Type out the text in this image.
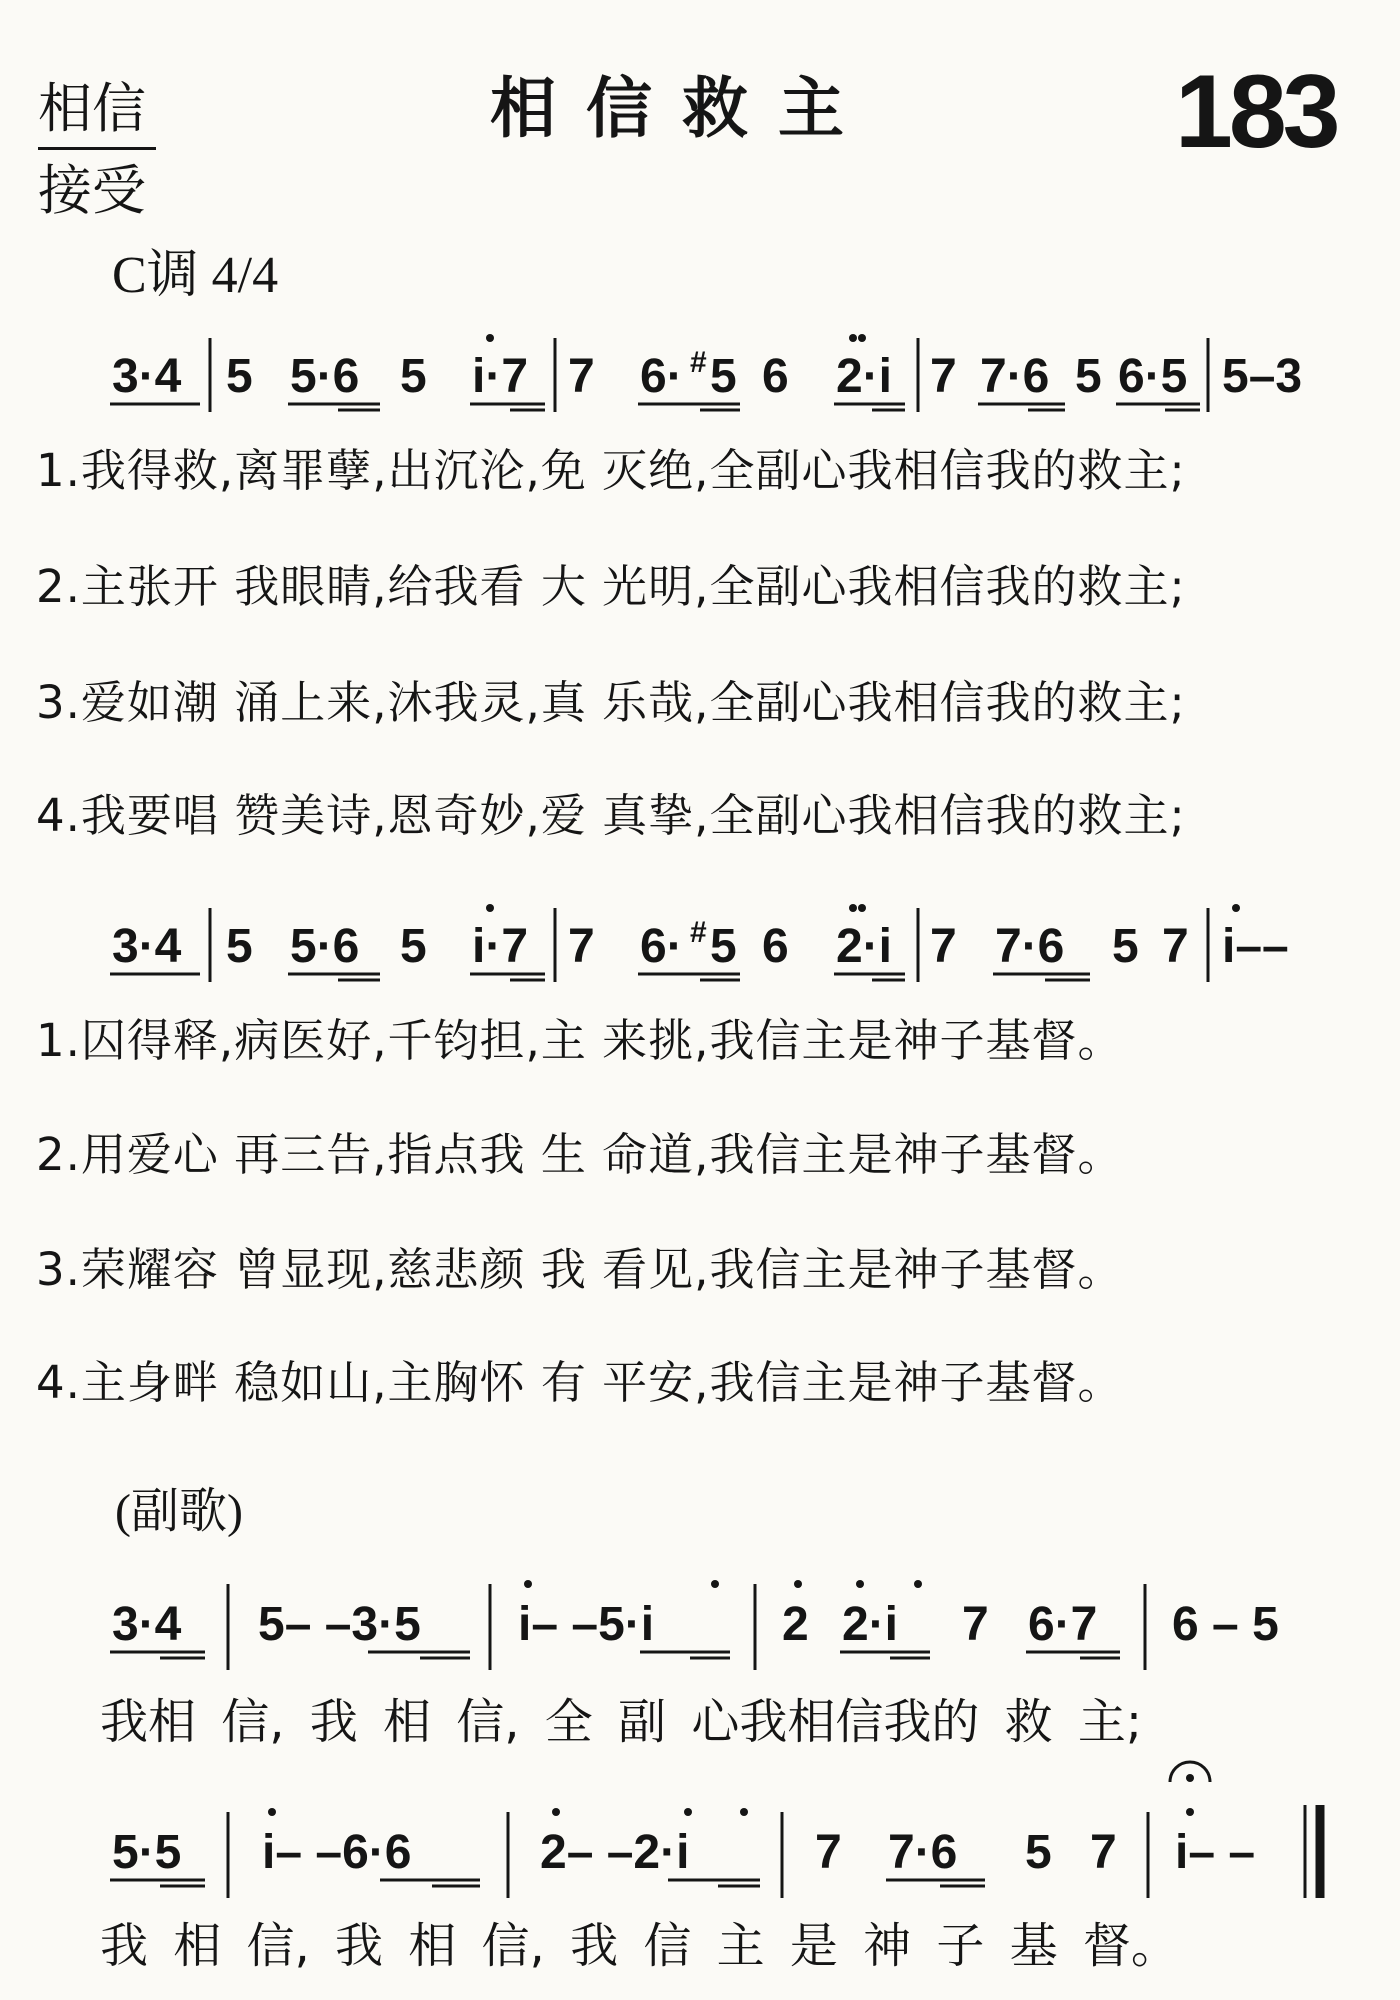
相信
接受
相信救主	183
C调 4/4
3·4 5 5·6 5 i·7 7 6· # 5 6 2·i 7 7·6 5 6·5 5–3
3·4 5 5·6 5 i·7 7 6· # 5 6 2·i 7 7·6 5 7 i––
3·4 5– –3·5 i– –5·i	2 2·i 7 6·7 6 – 5
5·5 i– –6·6	2– –2·i	7 7·6 5 7 i– –
1.我得救,离罪孽,出沉沦,免 灭绝,全副心我相信我的救主;
2.主张开 我眼睛,给我看 大 光明,全副心我相信我的救主;
3.爱如潮 涌上来,沐我灵,真 乐哉,全副心我相信我的救主;
4.我要唱 赞美诗,恩奇妙,爱 真挚,全副心我相信我的救主;
1.囚得释,病医好,千钧担,主 来挑,我信主是神子基督。
2.用爱心 再三告,指点我 生 命道,我信主是神子基督。
3.荣耀容 曾显现,慈悲颜 我 看见,我信主是神子基督。
4.主身畔 稳如山,主胸怀 有 平安,我信主是神子基督。
(副歌)
我相 信, 我 相 信, 全 副 心我相信我的 救 主;
我 相 信, 我 相 信, 我 信 主 是 神 子 基 督。
